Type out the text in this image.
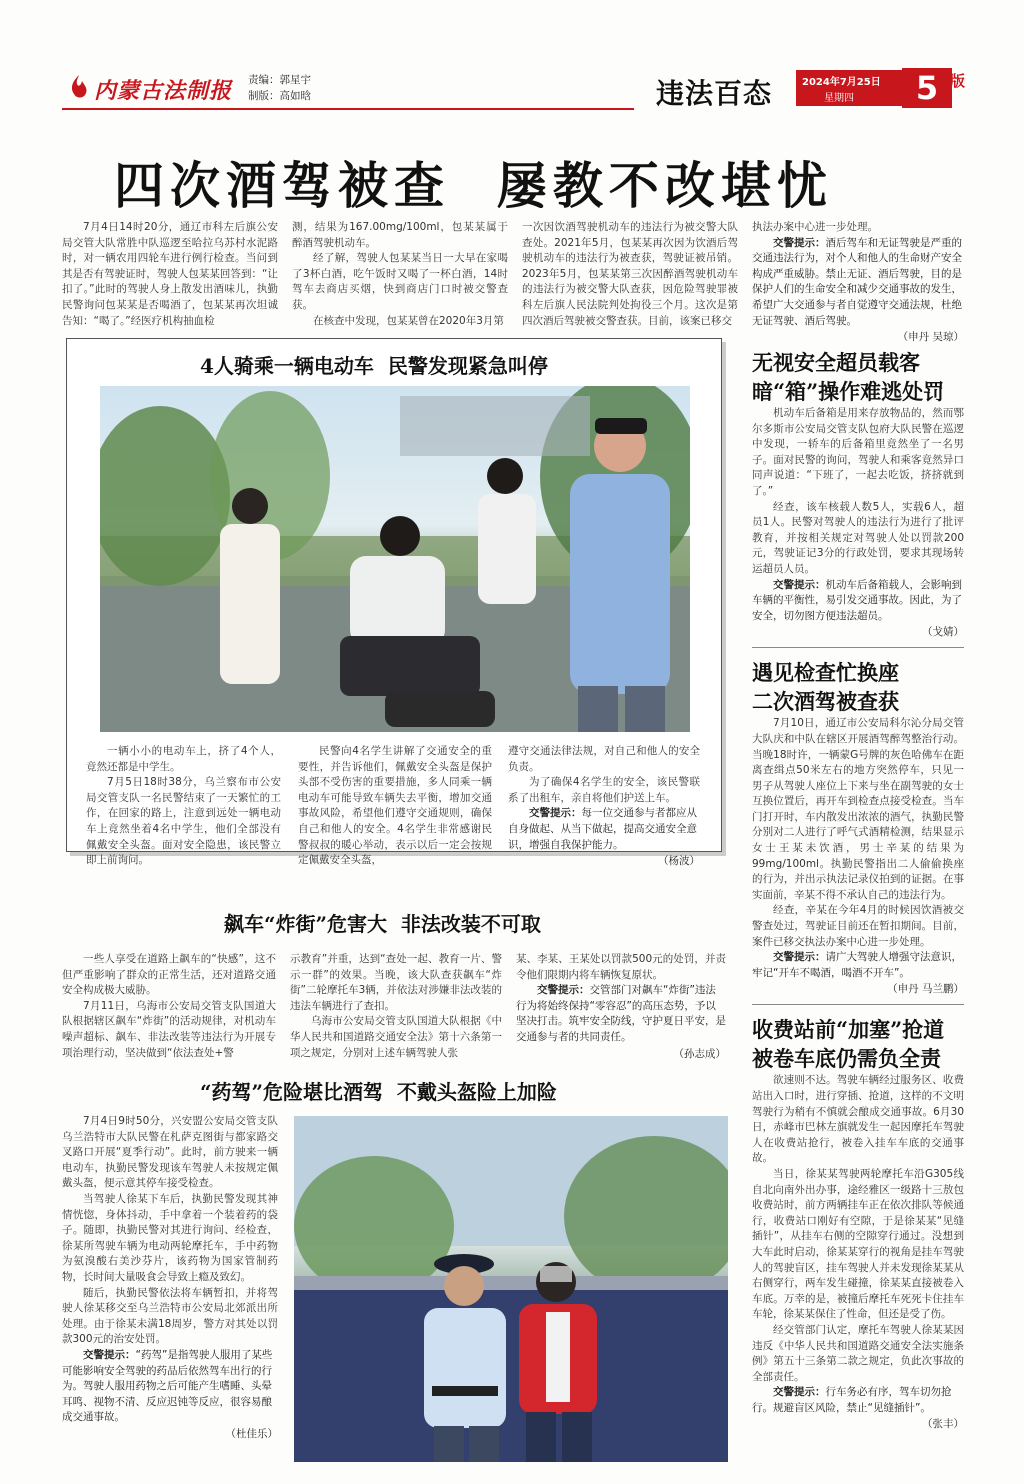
内蒙古法制报 责编：郭星宇
制版：高如晗	违法百态	2024年7月25日
星期四	5 版
四次酒驾被查  屡教不改堪忧

7月4日14时20分，通辽市科左后旗公安局交管大队常胜中队巡逻至哈拉乌苏村水泥路时，对一辆农用四轮车进行例行检查。当问到其是否有驾驶证时，驾驶人包某某回答到：“让扣了。”此时的驾驶人身上散发出酒味儿，执勤民警询问包某某是否喝酒了，包某某再次坦诚告知：“喝了。”经医疗机构抽血检

测，结果为167.00mg/100ml，包某某属于醉酒驾驶机动车。

经了解，驾驶人包某某当日一大早在家喝了3杯白酒，吃午饭时又喝了一杯白酒，14时驾车去商店买烟，快到商店门口时被交警查获。

在核查中发现，包某某曾在2020年3月第

一次因饮酒驾驶机动车的违法行为被交警大队查处。2021年5月，包某某再次因为饮酒后驾驶机动车的违法行为被查获，驾驶证被吊销。2023年5月，包某某第三次因醉酒驾驶机动车的违法行为被交警大队查获，因危险驾驶罪被科左后旗人民法院判处拘役三个月。这次是第四次酒后驾驶被交警查获。目前，该案已移交

执法办案中心进一步处理。

交警提示：酒后驾车和无证驾驶是严重的交通违法行为，对个人和他人的生命财产安全构成严重威胁。禁止无证、酒后驾驶，目的是保护人们的生命安全和减少交通事故的发生，希望广大交通参与者自觉遵守交通法规，杜绝无证驾驶、酒后驾驶。

（申丹 吴琼）

4人骑乘一辆电动车  民警发现紧急叫停

一辆小小的电动车上，挤了4个人，竟然还都是中学生。

7月5日18时38分，乌兰察布市公安局交管支队一名民警结束了一天繁忙的工作，在回家的路上，注意到远处一辆电动车上竟然坐着4名中学生，他们全部没有佩戴安全头盔。面对安全隐患，该民警立即上前询问。

民警向4名学生讲解了交通安全的重要性，并告诉他们，佩戴安全头盔是保护头部不受伤害的重要措施，多人同乘一辆电动车可能导致车辆失去平衡，增加交通事故风险，希望他们遵守交通规则，确保自己和他人的安全。4名学生非常感谢民警叔叔的暖心举动，表示以后一定会按规定佩戴安全头盔，

遵守交通法律法规，对自己和他人的安全负责。

为了确保4名学生的安全，该民警联系了出租车，亲自将他们护送上车。

交警提示：每一位交通参与者都应从自身做起、从当下做起，提高交通安全意识，增强自我保护能力。

（杨波）

飙车“炸街”危害大  非法改装不可取

一些人享受在道路上飙车的“快感”，这不但严重影响了群众的正常生活，还对道路交通安全构成极大威胁。

7月11日，乌海市公安局交管支队国道大队根据辖区飙车“炸街”的活动规律，对机动车噪声超标、飙车、非法改装等违法行为开展专项治理行动，坚决做到“依法查处+警

示教育”并重，达到“查处一起、教育一片、警示一群”的效果。当晚，该大队查获飙车“炸街”二轮摩托车3辆，并依法对涉嫌非法改装的违法车辆进行了查扣。

乌海市公安局交管支队国道大队根据《中华人民共和国道路交通安全法》第十六条第一项之规定，分别对上述车辆驾驶人张

某、李某、王某处以罚款500元的处罚，并责令他们限期内将车辆恢复原状。

交警提示：交管部门对飙车“炸街”违法行为将始终保持“零容忍”的高压态势，予以坚决打击。筑牢安全防线，守护夏日平安，是交通参与者的共同责任。

（孙志成）

“药驾”危险堪比酒驾  不戴头盔险上加险

7月4日9时50分，兴安盟公安局交管支队乌兰浩特市大队民警在札萨克图街与都家路交叉路口开展“夏季行动”。此时，前方驶来一辆电动车，执勤民警发现该车驾驶人未按规定佩戴头盔，便示意其停车接受检查。

当驾驶人徐某下车后，执勤民警发现其神情恍惚，身体抖动，手中拿着一个装着药的袋子。随即，执勤民警对其进行询问、经检查，徐某所驾驶车辆为电动两轮摩托车，手中药物为氨溴酸右美沙芬片，该药物为国家管制药物，长时间大量吸食会导致上瘾及致幻。

随后，执勤民警依法将车辆暂扣，并将驾驶人徐某移交至乌兰浩特市公安局北郊派出所处理。由于徐某未满18周岁，警方对其处以罚款300元的治安处罚。

交警提示：“药驾”是指驾驶人服用了某些可能影响安全驾驶的药品后依然驾车出行的行为。驾驶人服用药物之后可能产生嗜睡、头晕耳鸣、视物不清、反应迟钝等反应，很容易酿成交通事故。

（杜佳乐）

无视安全超员载客

暗“箱”操作难逃处罚

机动车后备箱是用来存放物品的，然而鄂尔多斯市公安局交管支队包府大队民警在巡逻中发现，一轿车的后备箱里竟然坐了一名男子。面对民警的询问，驾驶人和乘客竟然异口同声说道：“下班了，一起去吃饭，挤挤就到了。”

经查，该车核载人数5人，实载6人，超员1人。民警对驾驶人的违法行为进行了批评教育，并按相关规定对驾驶人处以罚款200元，驾驶证记3分的行政处罚，要求其现场转运超员人员。

交警提示：机动车后备箱载人，会影响到车辆的平衡性，易引发交通事故。因此，为了安全，切勿图方便违法超员。

（戈婧）

遇见检查忙换座

二次酒驾被查获

7月10日，通辽市公安局科尔沁分局交管大队庆和中队在辖区开展酒驾醉驾整治行动。当晚18时许，一辆蒙G号牌的灰色哈佛车在距离查缉点50米左右的地方突然停车，只见一男子从驾驶人座位上下来与坐在副驾驶的女士互换位置后，再开车到检查点接受检查。当车门打开时，车内散发出浓浓的酒气，执勤民警分别对二人进行了呼气式酒精检测，结果显示女士王某未饮酒，男士辛某的结果为99mg/100ml。执勤民警指出二人偷偷换座的行为，并出示执法记录仪拍到的证据。在事实面前，辛某不得不承认自己的违法行为。

经查，辛某在今年4月的时候因饮酒被交警查处过，驾驶证目前还在暂扣期间。目前，案件已移交执法办案中心进一步处理。

交警提示：请广大驾驶人增强守法意识，牢记“开车不喝酒，喝酒不开车”。

（申丹 马兰鹏）

收费站前“加塞”抢道

被卷车底仍需负全责

欲速则不达。驾驶车辆经过服务区、收费站出入口时，进行穿插、抢道，这样的不文明驾驶行为稍有不慎就会酿成交通事故。6月30日，赤峰市巴林左旗就发生一起因摩托车驾驶人在收费站抢行，被卷入挂车车底的交通事故。

当日，徐某某驾驶两轮摩托车沿G305线自北向南外出办事，途经雅区一级路十三敖包收费站时，前方两辆挂车正在依次排队等候通行，收费站口刚好有空隙，于是徐某某“见缝插针”，从挂车右侧的空隙穿行通过。没想到大车此时启动，徐某某穿行的视角是挂车驾驶人的驾驶盲区，挂车驾驶人并未发现徐某某从右侧穿行，两车发生碰撞，徐某某直接被卷入车底。万幸的是，被撞后摩托车死死卡住挂车车轮，徐某某保住了性命，但还是受了伤。

经交管部门认定，摩托车驾驶人徐某某因违反《中华人民共和国道路交通安全法实施条例》第五十三条第二款之规定，负此次事故的全部责任。

交警提示：行车务必有序，驾车切勿抢行。规避盲区风险，禁止“见缝插针”。

（张丰）
